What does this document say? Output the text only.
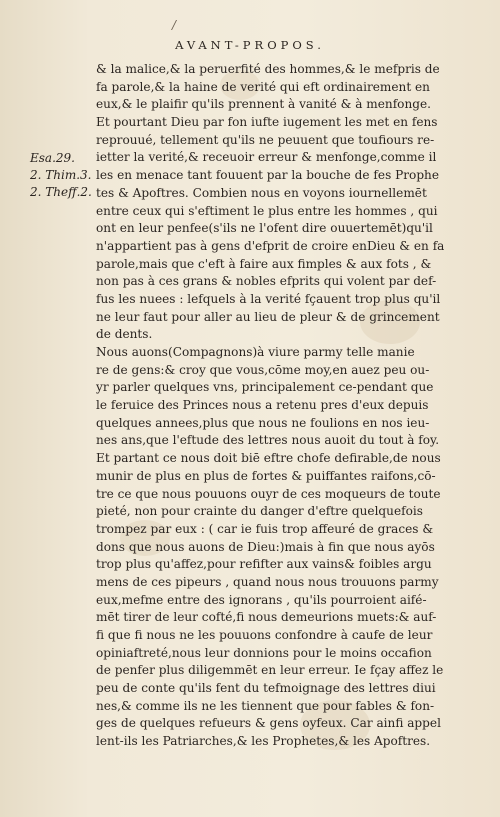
/
AVANT-PROPOS.
Esa.29.
2. Thim.3.
2. Theff.2.
& la malice,& la peruerfité des hommes,& le mefpris de
fa parole,& la haine de verité qui eft ordinairement en
eux,& le plaifir qu'ils prennent à vanité & à menfonge.
Et pourtant Dieu par fon iufte iugement les met en fens
reprouué, tellement qu'ils ne peuuent que toufiours re-
ietter la verité,& receuoir erreur & menfonge,comme il
les en menace tant fouuent par la bouche de fes Prophe
tes & Apoftres. Combien nous en voyons iournellemēt
entre ceux qui s'eftiment le plus entre les hommes , qui
ont en leur penfee(s'ils ne l'ofent dire ouuertemēt)qu'il
n'appartient pas à gens d'efprit de croire enDieu & en fa
parole,mais que c'eft à faire aux fimples & aux fots , &
non pas à ces grans & nobles efprits qui volent par def-
fus les nuees : lefquels à la verité fçauent trop plus qu'il
ne leur faut pour aller au lieu de pleur & de grincement
de dents.
Nous auons(Compagnons)à viure parmy telle manie
re de gens:& croy que vous,cōme moy,en auez peu ou-
yr parler quelques vns, principalement ce-pendant que
le feruice des Princes nous a retenu pres d'eux depuis
quelques annees,plus que nous ne foulions en nos ieu-
nes ans,que l'eftude des lettres nous auoit du tout à foy.
Et partant ce nous doit biē eftre chofe defirable,de nous
munir de plus en plus de fortes & puiffantes raifons,cō-
tre ce que nous pouuons ouyr de ces moqueurs de toute
pieté, non pour crainte du danger d'eftre quelquefois
trompez par eux : ( car ie fuis trop affeuré de graces &
dons que nous auons de Dieu:)mais à fin que nous ayōs
trop plus qu'affez,pour refifter aux vains& foibles argu
mens de ces pipeurs , quand nous nous trouuons parmy
eux,mefme entre des ignorans , qu'ils pourroient aifé-
mēt tirer de leur cofté,fi nous demeurions muets:& auf-
fi que fi nous ne les pouuons confondre à caufe de leur
opiniaftreté,nous leur donnions pour le moins occafion
de penfer plus diligemmēt en leur erreur. Ie fçay affez le
peu de conte qu'ils fent du tefmoignage des lettres diui
nes,& comme ils ne les tiennent que pour fables & fon-
ges de quelques refueurs & gens oyfeux. Car ainfi appel
lent-ils les Patriarches,& les Prophetes,& les Apoftres.
